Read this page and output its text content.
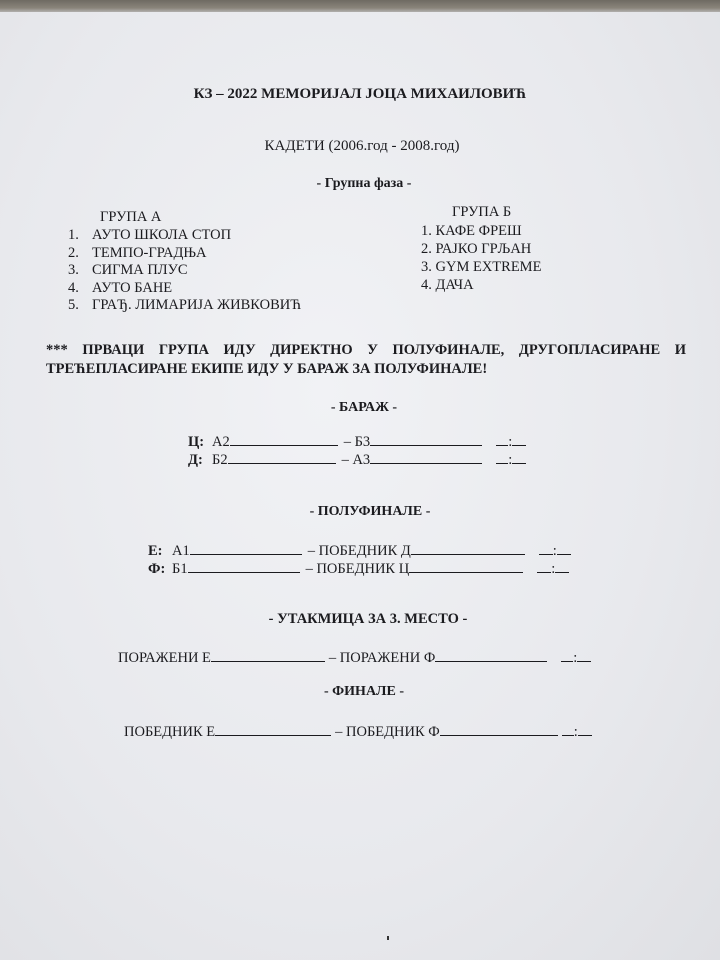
КЗ – 2022 МЕМОРИЈАЛ ЈОЦА МИХАИЛОВИЋ
КАДЕТИ (2006.год - 2008.год)
- Групна фаза -
ГРУПА А
1. АУТО ШКОЛА СТОП
2. ТЕМПО-ГРАДЊА
3. СИГМА ПЛУС
4. АУТО БАНЕ
5. ГРАЂ. ЛИМАРИЈА ЖИВКОВИЋ
ГРУПА Б
1. КАФЕ ФРЕШ
2. РАЈКО ГРЉАН
3. GYM EXTREME
4. ДАЧА
*** ПРВАЦИ ГРУПА ИДУ ДИРЕКТНО У ПОЛУФИНАЛЕ, ДРУГОПЛАСИРАНЕ И
ТРЕЋЕПЛАСИРАНЕ ЕКИПЕ ИДУ У БАРАЖ ЗА ПОЛУФИНАЛЕ!
- БАРАЖ -
Ц: А2	– Б3	:
Д: Б2	– А3	:
- ПОЛУФИНАЛЕ -
Е: А1	– ПОБЕДНИК Д	:
Ф: Б1	– ПОБЕДНИК Ц	:
- УТАКМИЦА ЗА 3. МЕСТО -
ПОРАЖЕНИ Е	– ПОРАЖЕНИ Ф	:
- ФИНАЛЕ -
ПОБЕДНИК Е	– ПОБЕДНИК Ф	:
